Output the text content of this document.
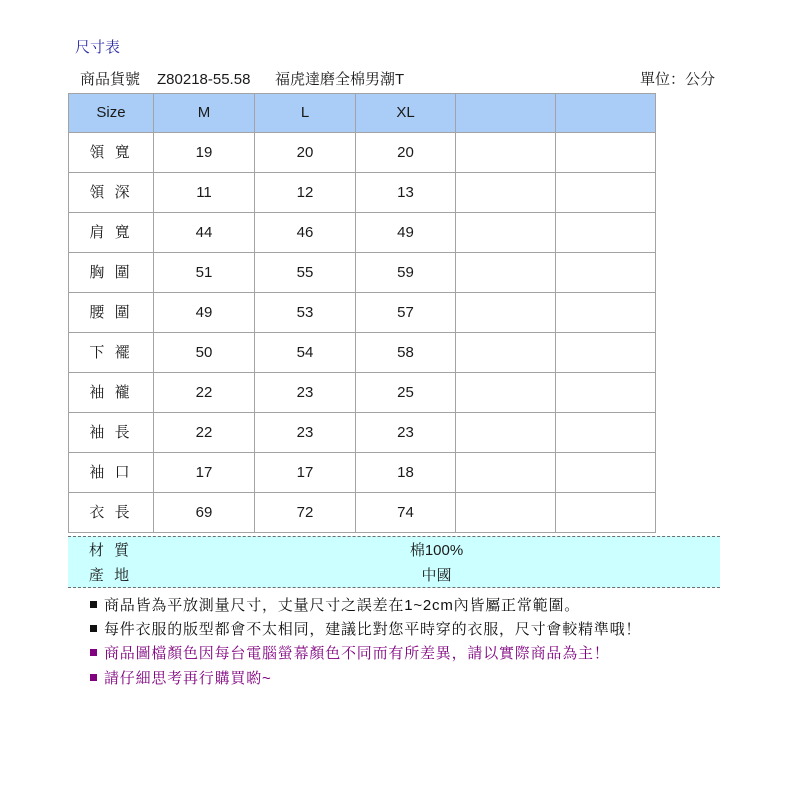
尺寸表
商品貨號 Z80218-55.58 福虎達磨全棉男潮T	單位：公分
Size	M	L	XL		
領 寬	19	20	20		
領 深	11	12	13		
肩 寬	44	46	49		
胸 圍	51	55	59		
腰 圍	49	53	57		
下 襬	50	54	58		
袖 襱	22	23	25		
袖 長	22	23	23		
袖 口	17	17	18		
衣 長	69	72	74		
材 質	棉100%
產 地	中國
商品皆為平放測量尺寸，丈量尺寸之誤差在1~2cm內皆屬正常範圍。
每件衣服的版型都會不太相同，建議比對您平時穿的衣服，尺寸會較精準哦！
商品圖檔顏色因每台電腦螢幕顏色不同而有所差異，請以實際商品為主！
請仔細思考再行購買喲~
